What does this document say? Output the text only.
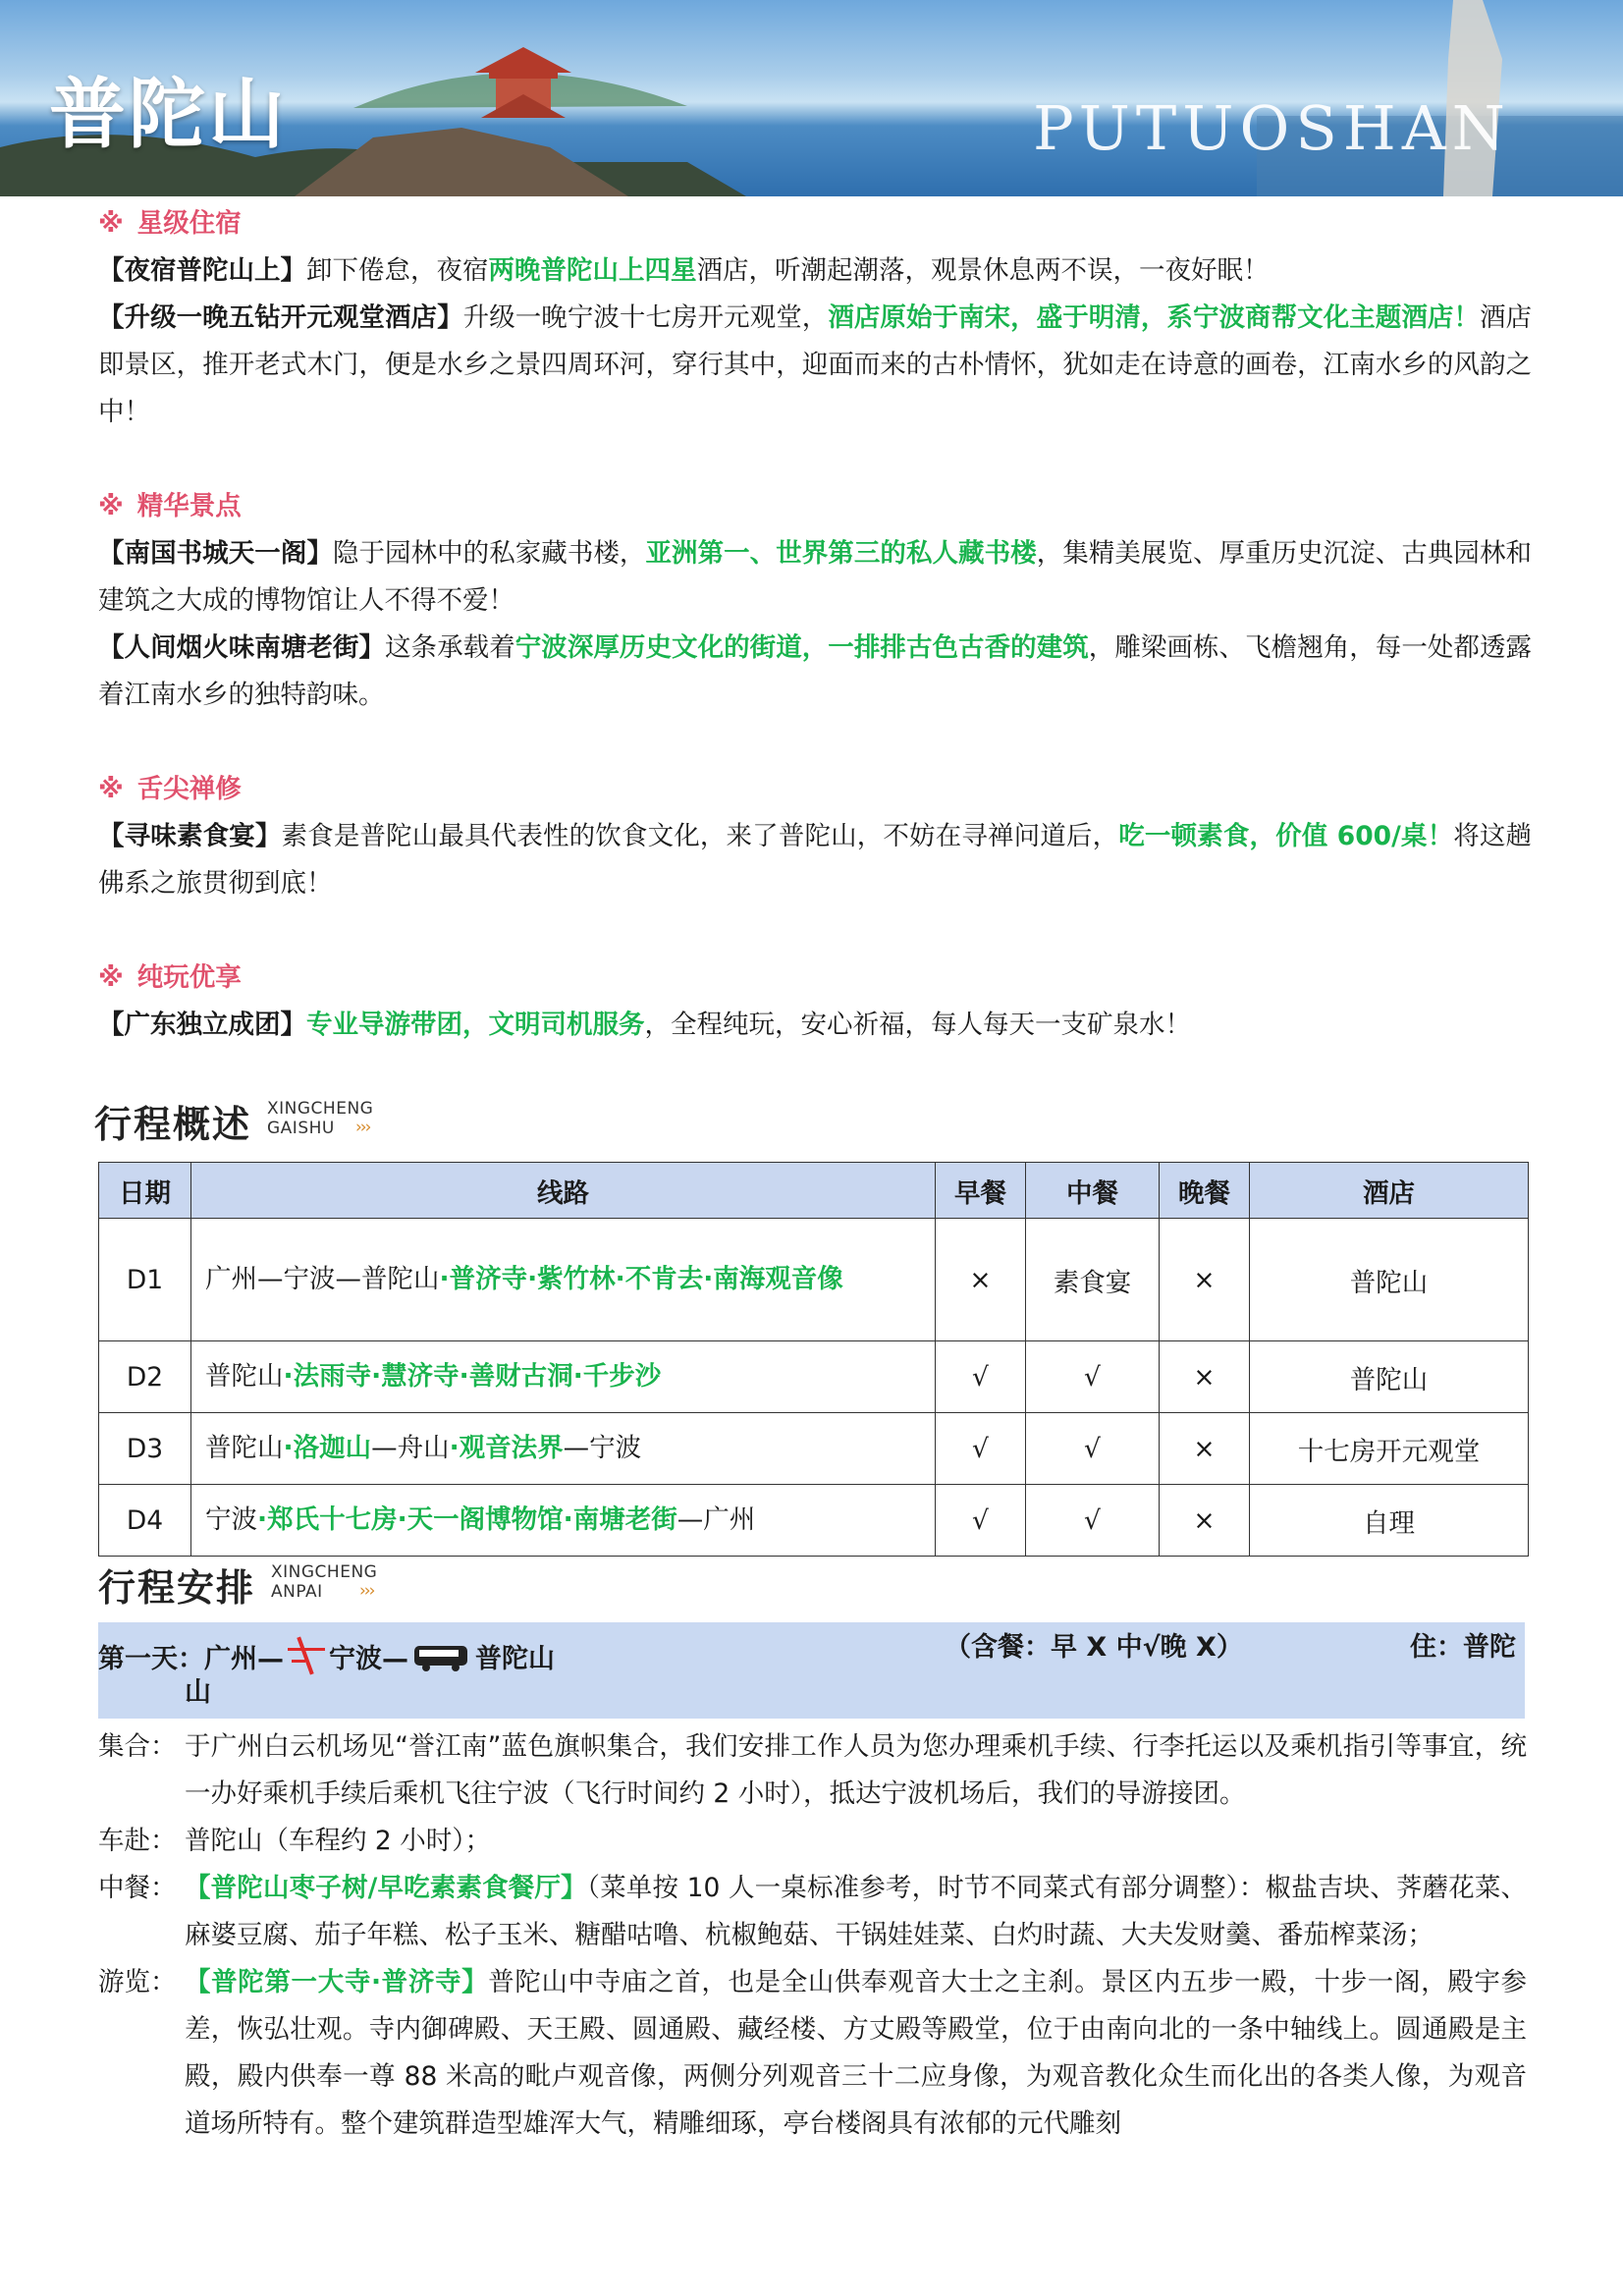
普陀山	PUTUOSHAN
※ 星级住宿
【夜宿普陀山上】卸下倦怠，夜宿两晚普陀山上四星酒店，听潮起潮落，观景休息两不误，一夜好眠！
【升级一晚五钻开元观堂酒店】升级一晚宁波十七房开元观堂，酒店原始于南宋，盛于明清，系宁波商帮文化主题酒店！酒店即景区，推开老式木门，便是水乡之景四周环河，穿行其中，迎面而来的古朴情怀，犹如走在诗意的画卷，江南水乡的风韵之中！
※ 精华景点
【南国书城天一阁】隐于园林中的私家藏书楼，亚洲第一、世界第三的私人藏书楼，集精美展览、厚重历史沉淀、古典园林和建筑之大成的博物馆让人不得不爱！
【人间烟火味南塘老街】这条承载着宁波深厚历史文化的街道，一排排古色古香的建筑，雕梁画栋、飞檐翘角，每一处都透露着江南水乡的独特韵味。
※ 舌尖禅修
【寻味素食宴】素食是普陀山最具代表性的饮食文化，来了普陀山，不妨在寻禅问道后，吃一顿素食，价值 600/桌！将这趟佛系之旅贯彻到底！
※ 纯玩优享
【广东独立成团】专业导游带团，文明司机服务，全程纯玩，安心祈福，每人每天一支矿泉水！
行程概述 XINGCHENG
GAISHU ›››
日期	线路	早餐	中餐	晚餐	酒店
D1	广州—宁波—普陀山·普济寺·紫竹林·不肯去·南海观音像	×	素食宴	×	普陀山
D2	普陀山·法雨寺·慧济寺·善财古洞·千步沙	√	√	×	普陀山
D3	普陀山·洛迦山—舟山·观音法界—宁波	√	√	×	十七房开元观堂
D4	宁波·郑氏十七房·天一阁博物馆·南塘老街—广州	√	√	×	自理
行程安排 XINGCHENG
ANPAI ›››
第一天：广州— 宁波—	普陀山	（含餐：早 X 中√晚 X）	住：普陀
山
集合： 于广州白云机场见“誉江南”蓝色旗帜集合，我们安排工作人员为您办理乘机手续、行李托运以及乘机指引等事宜，统一办好乘机手续后乘机飞往宁波（飞行时间约 2 小时），抵达宁波机场后，我们的导游接团。
车赴： 普陀山（车程约 2 小时）；
中餐： 【普陀山枣子树/早吃素素食餐厅】（菜单按 10 人一桌标准参考，时节不同菜式有部分调整）：椒盐吉块、荠蘑花菜、麻婆豆腐、茄子年糕、松子玉米、糖醋咕噜、杭椒鲍菇、干锅娃娃菜、白灼时蔬、大夫发财羹、番茄榨菜汤；
游览： 【普陀第一大寺·普济寺】普陀山中寺庙之首，也是全山供奉观音大士之主刹。景区内五步一殿，十步一阁，殿宇参差，恢弘壮观。寺内御碑殿、天王殿、圆通殿、藏经楼、方丈殿等殿堂，位于由南向北的一条中轴线上。圆通殿是主殿，殿内供奉一尊 88 米高的毗卢观音像，两侧分列观音三十二应身像，为观音教化众生而化出的各类人像，为观音道场所特有。整个建筑群造型雄浑大气，精雕细琢，亭台楼阁具有浓郁的元代雕刻
